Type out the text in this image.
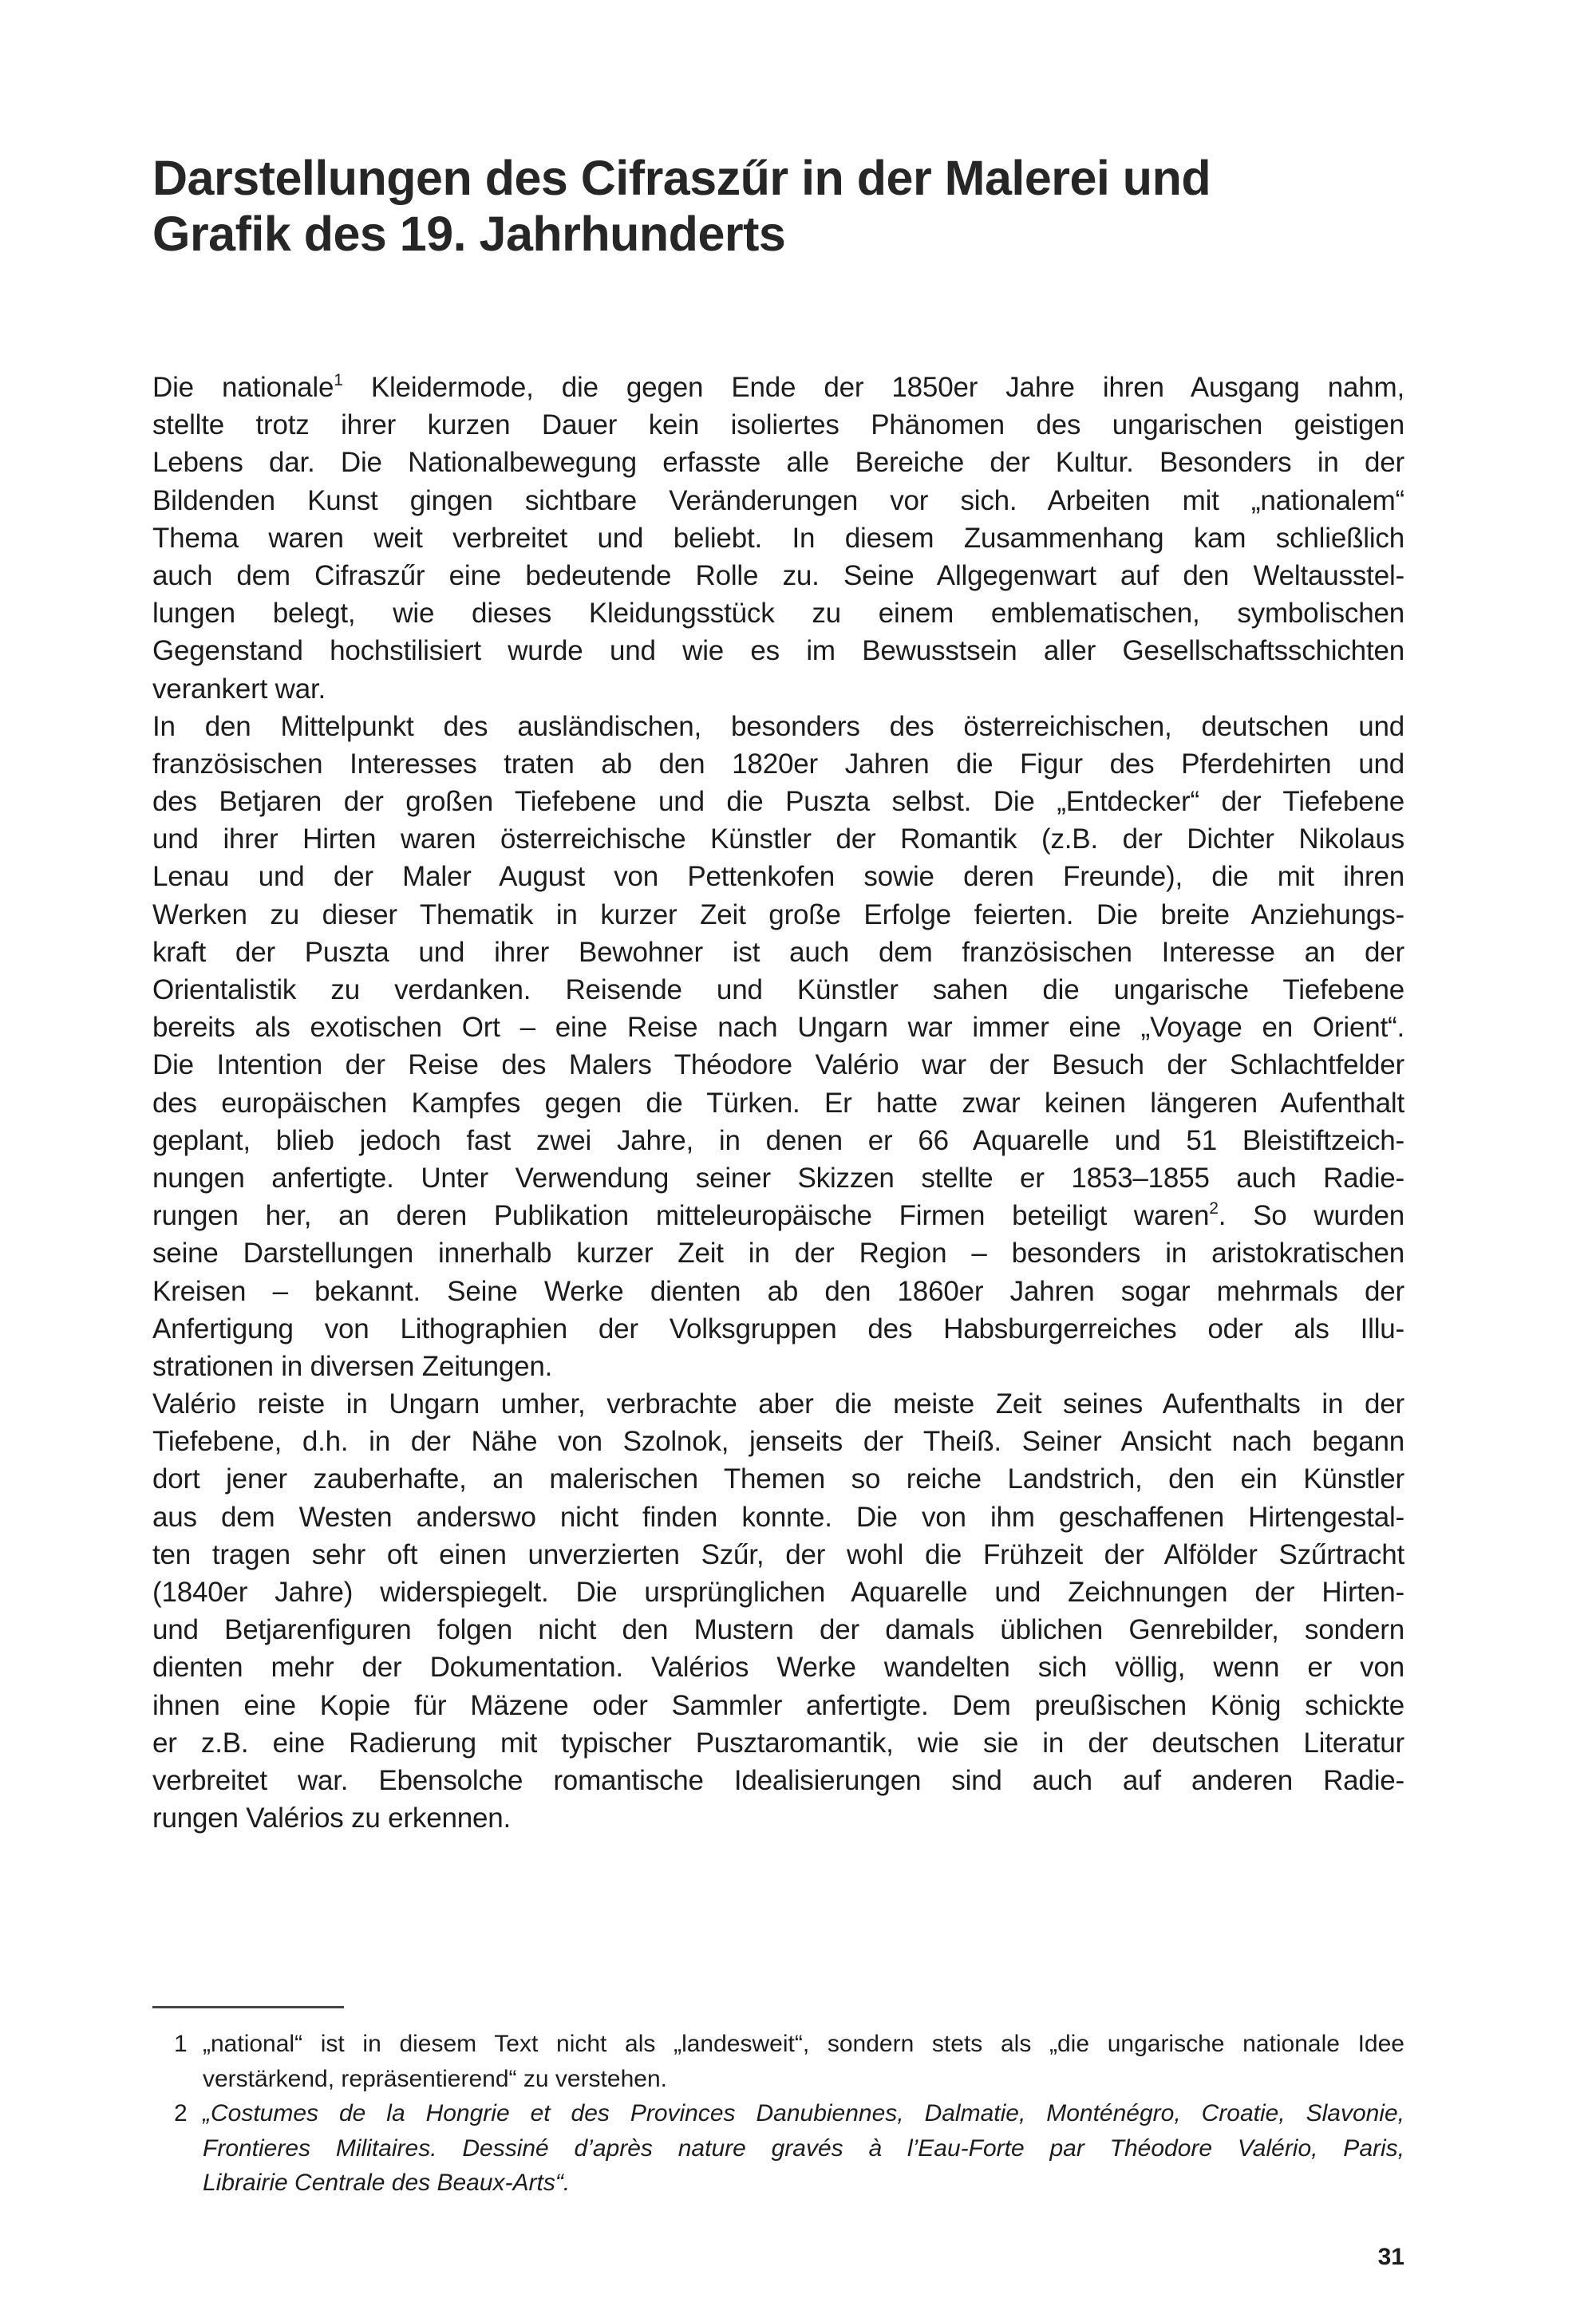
Darstellungen des Cifraszűr in der Malerei und
Grafik des 19. Jahrhunderts
Die nationale$^1$ Kleidermode, die gegen Ende der 1850er Jahre ihren Ausgang nahm,
stellte trotz ihrer kurzen Dauer kein isoliertes Phänomen des ungarischen geistigen
Lebens dar. Die Nationalbewegung erfasste alle Bereiche der Kultur. Besonders in der
Bildenden Kunst gingen sichtbare Veränderungen vor sich. Arbeiten mit „nationalem“
Thema waren weit verbreitet und beliebt. In diesem Zusammenhang kam schließlich
auch dem Cifraszűr eine bedeutende Rolle zu. Seine Allgegenwart auf den Weltausstel-
lungen belegt, wie dieses Kleidungsstück zu einem emblematischen, symbolischen
Gegenstand hochstilisiert wurde und wie es im Bewusstsein aller Gesellschaftsschichten
verankert war.
In den Mittelpunkt des ausländischen, besonders des österreichischen, deutschen und
französischen Interesses traten ab den 1820er Jahren die Figur des Pferdehirten und
des Betjaren der großen Tiefebene und die Puszta selbst. Die „Entdecker“ der Tiefebene
und ihrer Hirten waren österreichische Künstler der Romantik (z.B. der Dichter Nikolaus
Lenau und der Maler August von Pettenkofen sowie deren Freunde), die mit ihren
Werken zu dieser Thematik in kurzer Zeit große Erfolge feierten. Die breite Anziehungs-
kraft der Puszta und ihrer Bewohner ist auch dem französischen Interesse an der
Orientalistik zu verdanken. Reisende und Künstler sahen die ungarische Tiefebene
bereits als exotischen Ort – eine Reise nach Ungarn war immer eine „Voyage en Orient“.
Die Intention der Reise des Malers Théodore Valério war der Besuch der Schlachtfelder
des europäischen Kampfes gegen die Türken. Er hatte zwar keinen längeren Aufenthalt
geplant, blieb jedoch fast zwei Jahre, in denen er 66 Aquarelle und 51 Bleistiftzeich-
nungen anfertigte. Unter Verwendung seiner Skizzen stellte er 1853–1855 auch Radie-
rungen her, an deren Publikation mitteleuropäische Firmen beteiligt waren$^2$. So wurden
seine Darstellungen innerhalb kurzer Zeit in der Region – besonders in aristokratischen
Kreisen – bekannt. Seine Werke dienten ab den 1860er Jahren sogar mehrmals der
Anfertigung von Lithographien der Volksgruppen des Habsburgerreiches oder als Illu-
strationen in diversen Zeitungen.
Valério reiste in Ungarn umher, verbrachte aber die meiste Zeit seines Aufenthalts in der
Tiefebene, d.h. in der Nähe von Szolnok, jenseits der Theiß. Seiner Ansicht nach begann
dort jener zauberhafte, an malerischen Themen so reiche Landstrich, den ein Künstler
aus dem Westen anderswo nicht finden konnte. Die von ihm geschaffenen Hirtengestal-
ten tragen sehr oft einen unverzierten Szűr, der wohl die Frühzeit der Alfölder Szűrtracht
(1840er Jahre) widerspiegelt. Die ursprünglichen Aquarelle und Zeichnungen der Hirten-
und Betjarenfiguren folgen nicht den Mustern der damals üblichen Genrebilder, sondern
dienten mehr der Dokumentation. Valérios Werke wandelten sich völlig, wenn er von
ihnen eine Kopie für Mäzene oder Sammler anfertigte. Dem preußischen König schickte
er z.B. eine Radierung mit typischer Pusztaromantik, wie sie in der deutschen Literatur
verbreitet war. Ebensolche romantische Idealisierungen sind auch auf anderen Radie-
rungen Valérios zu erkennen.
1 „national“ ist in diesem Text nicht als „landesweit“, sondern stets als „die ungarische nationale Idee
verstärkend, repräsentierend“ zu verstehen.
2 „Costumes de la Hongrie et des Provinces Danubiennes, Dalmatie, Monténégro, Croatie, Slavonie,
Frontieres Militaires. Dessiné d’après nature gravés à l’Eau-Forte par Théodore Valério, Paris,
Librairie Centrale des Beaux-Arts“.
31
